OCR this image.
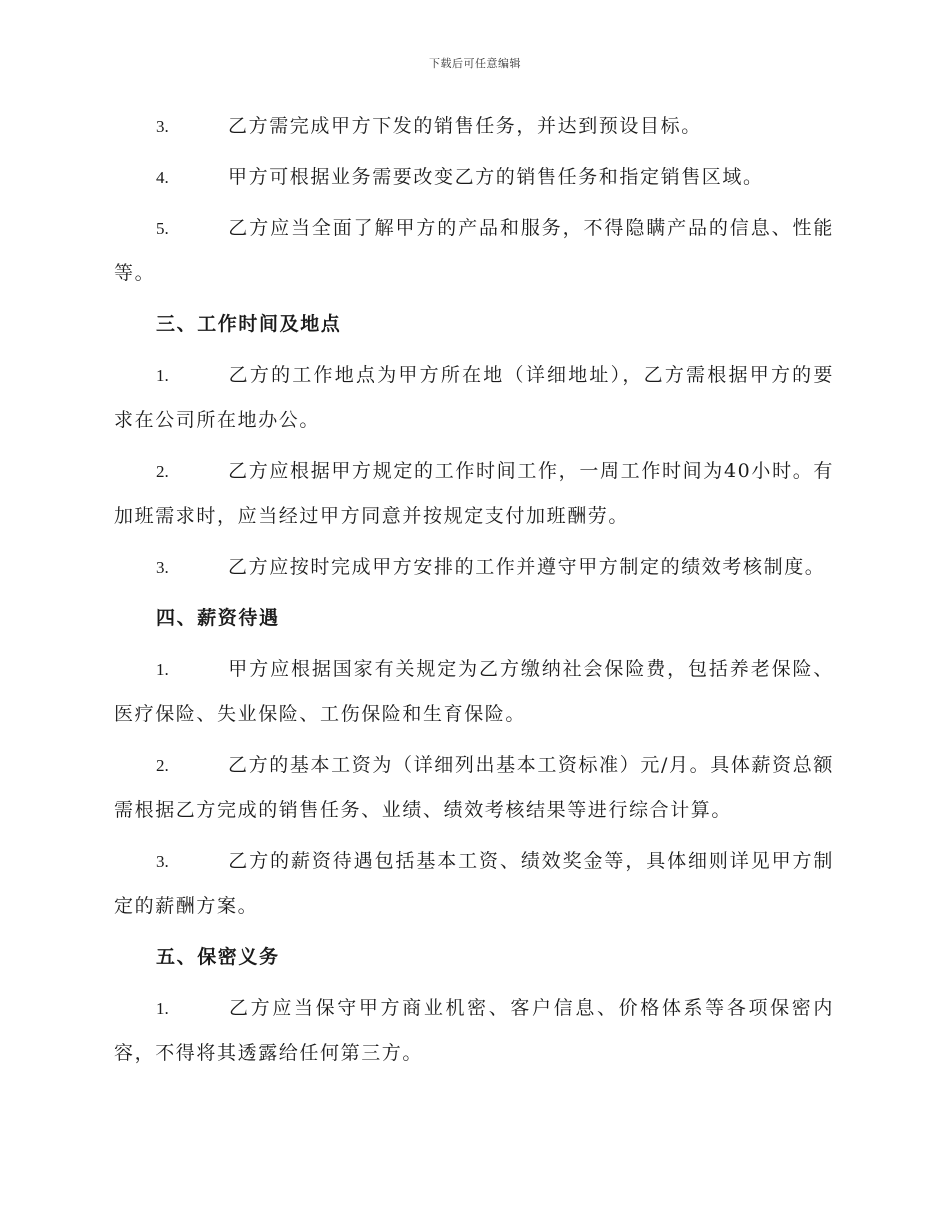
下载后可任意编辑

3.	乙方需完成甲方下发的销售任务，并达到预设目标。

4.	甲方可根据业务需要改变乙方的销售任务和指定销售区域。

5.	乙方应当全面了解甲方的产品和服务，不得隐瞒产品的信息、性能等。

三、工作时间及地点

1.	乙方的工作地点为甲方所在地（详细地址），乙方需根据甲方的要求在公司所在地办公。

2.	乙方应根据甲方规定的工作时间工作，一周工作时间为40小时。有加班需求时，应当经过甲方同意并按规定支付加班酬劳。

3.	乙方应按时完成甲方安排的工作并遵守甲方制定的绩效考核制度。

四、薪资待遇

1.	甲方应根据国家有关规定为乙方缴纳社会保险费，包括养老保险、医疗保险、失业保险、工伤保险和生育保险。

2.	乙方的基本工资为（详细列出基本工资标准）元/月。具体薪资总额需根据乙方完成的销售任务、业绩、绩效考核结果等进行综合计算。

3.	乙方的薪资待遇包括基本工资、绩效奖金等，具体细则详见甲方制定的薪酬方案。

五、保密义务

1.	乙方应当保守甲方商业机密、客户信息、价格体系等各项保密内容，不得将其透露给任何第三方。
